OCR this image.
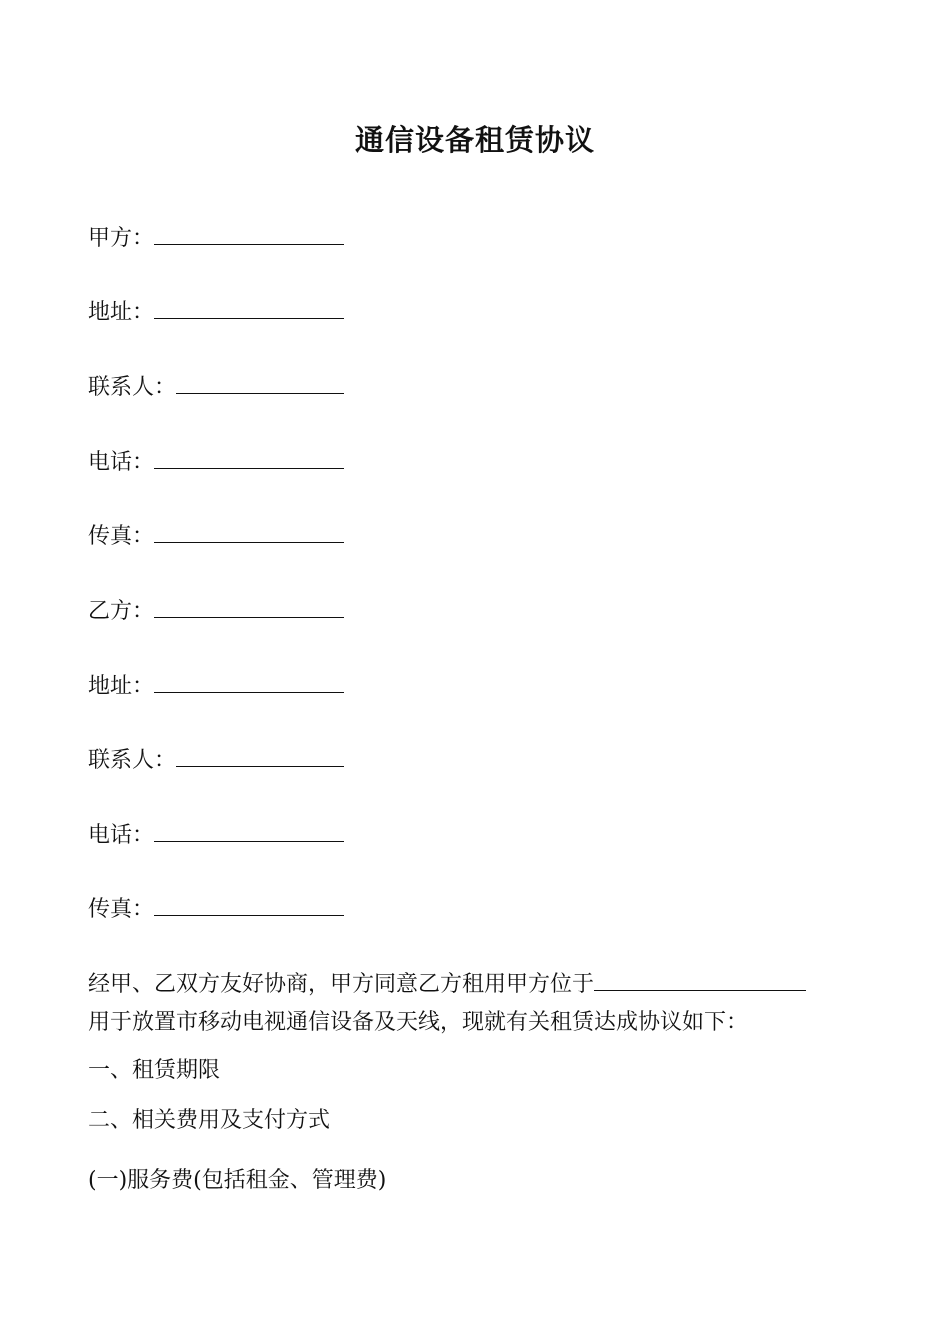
通信设备租赁协议
甲方：
地址：
联系人：
电话：
传真：
乙方：
地址：
联系人：
电话：
传真：
经甲、乙双方友好协商，甲方同意乙方租用甲方位于
用于放置市移动电视通信设备及天线，现就有关租赁达成协议如下：
一、租赁期限
二、相关费用及支付方式
(一)服务费(包括租金、管理费)
